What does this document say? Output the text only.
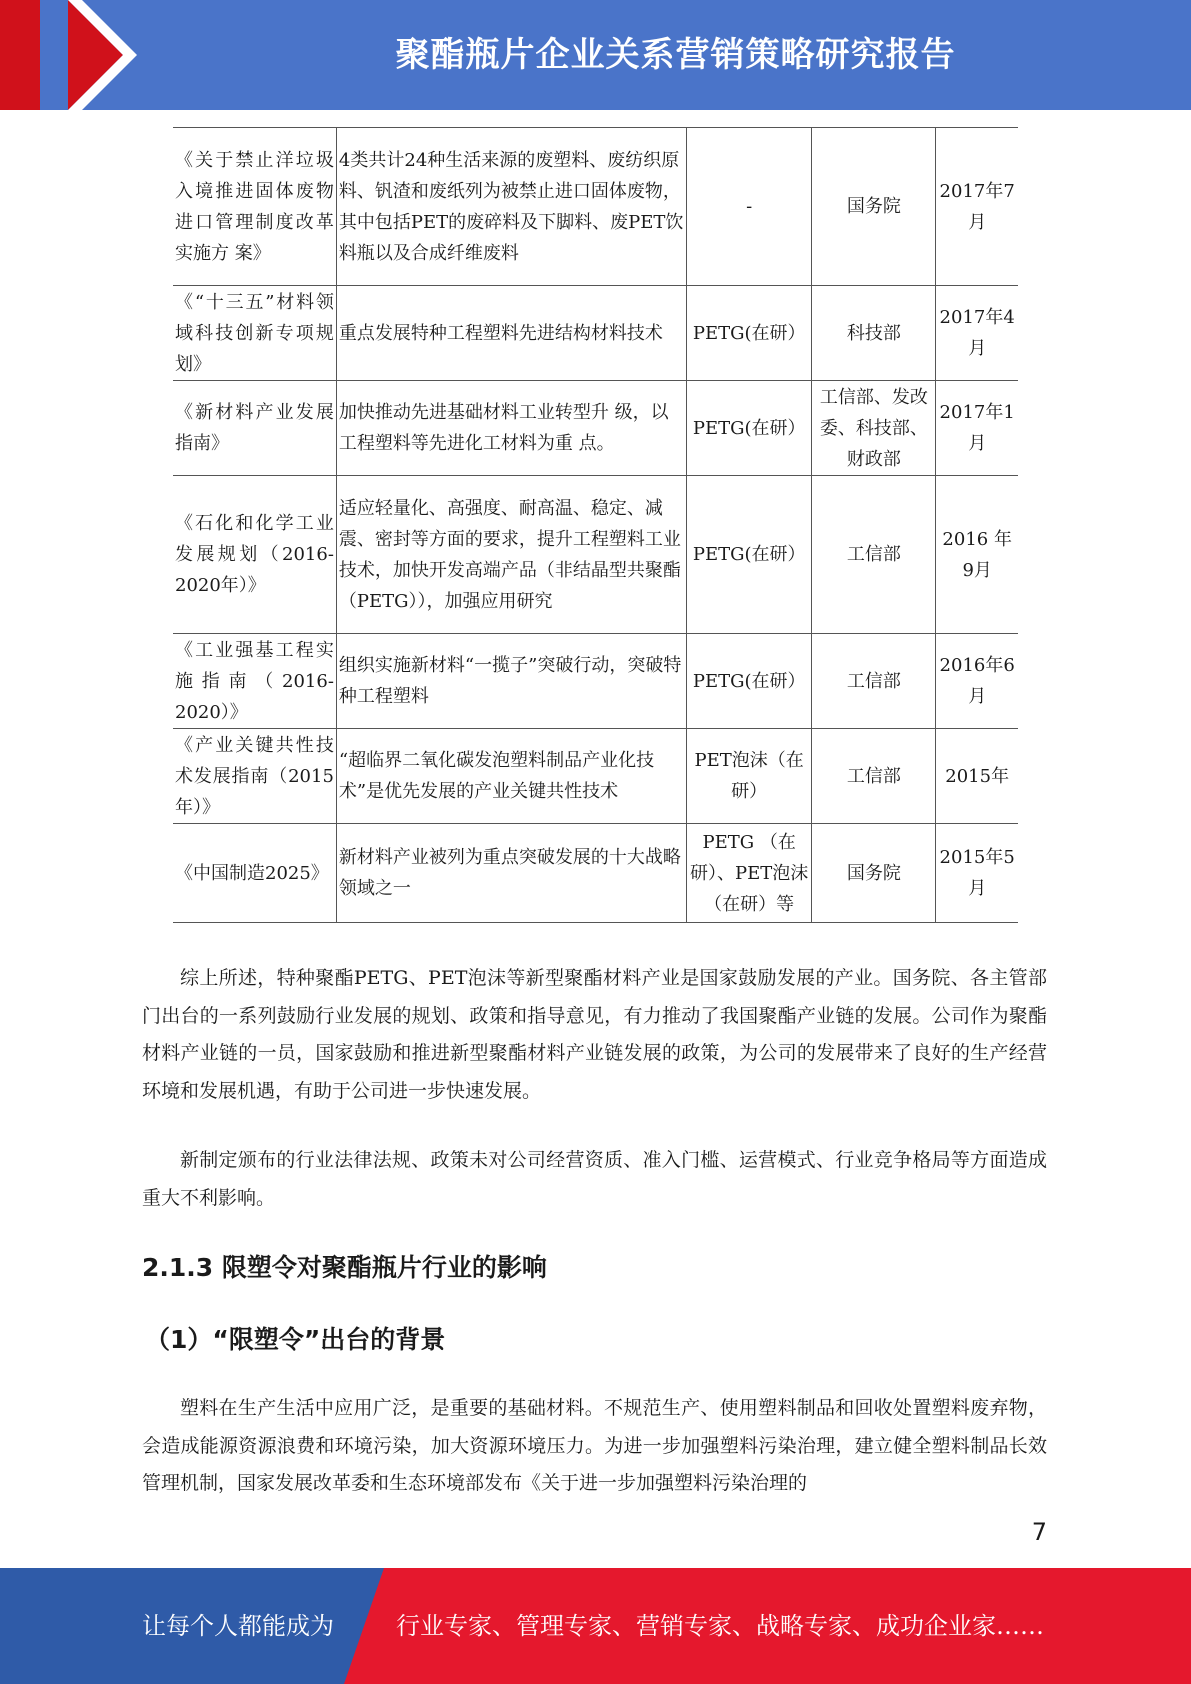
聚酯瓶片企业关系营销策略研究报告
《关于禁止洋垃圾入境推进固体废物进口管理制度改革实施方 案》	4类共计24种生活来源的废塑料、废纺织原料、钒渣和废纸列为被禁止进口固体废物，其中包括PET的废碎料及下脚料、废PET饮料瓶以及合成纤维废料	-	国务院	2017年7月
《“十三五”材料领域科技创新专项规划》	重点发展特种工程塑料先进结构材料技术	PETG(在研）	科技部	2017年4月
《新材料产业发展指南》	加快推动先进基础材料工业转型升 级，以工程塑料等先进化工材料为重 点。	PETG(在研）	工信部、发改委、科技部、财政部	2017年1月
《石化和化学工业发展规划（2016-2020年）》	适应轻量化、高强度、耐高温、稳定、减震、密封等方面的要求，提升工程塑料工业技术，加快开发高端产品（非结晶型共聚酯（PETG）），加强应用研究	PETG(在研）	工信部	2016 年9月
《工业强基工程实施指南（2016-2020）》	组织实施新材料“一揽子”突破行动，突破特种工程塑料	PETG(在研）	工信部	2016年6月
《产业关键共性技术发展指南（2015年）》	“超临界二氧化碳发泡塑料制品产业化技术”是优先发展的产业关键共性技术	PET泡沫（在研）	工信部	2015年
《中国制造2025》	新材料产业被列为重点突破发展的十大战略领域之一	PETG （在研）、PET泡沫（在研）等	国务院	2015年5月

综上所述，特种聚酯PETG、PET泡沫等新型聚酯材料产业是国家鼓励发展的产业。国务院、各主管部门出台的一系列鼓励行业发展的规划、政策和指导意见，有力推动了我国聚酯产业链的发展。公司作为聚酯材料产业链的一员，国家鼓励和推进新型聚酯材料产业链发展的政策，为公司的发展带来了良好的生产经营环境和发展机遇，有助于公司进一步快速发展。

新制定颁布的行业法律法规、政策未对公司经营资质、准入门槛、运营模式、行业竞争格局等方面造成重大不利影响。

2.1.3 限塑令对聚酯瓶片行业的影响
（1）“限塑令”出台的背景

塑料在生产生活中应用广泛，是重要的基础材料。不规范生产、使用塑料制品和回收处置塑料废弃物，会造成能源资源浪费和环境污染，加大资源环境压力。为进一步加强塑料污染治理，建立健全塑料制品长效管理机制，国家发展改革委和生态环境部发布《关于进一步加强塑料污染治理的

7
让每个人都能成为	行业专家、管理专家、营销专家、战略专家、成功企业家……
